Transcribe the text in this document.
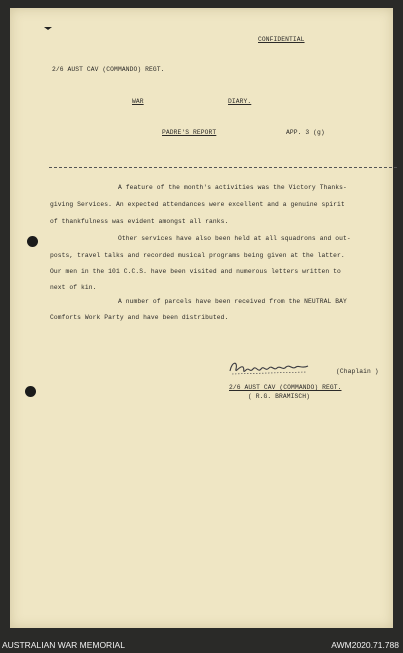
CONFIDENTIAL
2/6 AUST CAV (COMMANDO) REGT.
WAR	DIARY.
PADRE'S REPORT	APP. 3 (g)
A feature of the month's activities was the Victory Thanks-
giving Services. An expected attendances were excellent and a genuine spirit
of thankfulness was evident amongst all ranks.
Other services have also been held at all squadrons and out-
posts, travel talks and recorded musical programs being given at the latter.
Our men in the 101 C.C.S. have been visited and numerous letters written to
next of kin.
A number of parcels have been received from the NEUTRAL BAY
Comforts Work Party and have been distributed.
(Chaplain )
2/6 AUST CAV (COMMANDO) REGT.
( R.G. BRAMISCH)
AUSTRALIAN WAR MEMORIAL	AWM2020.71.788
